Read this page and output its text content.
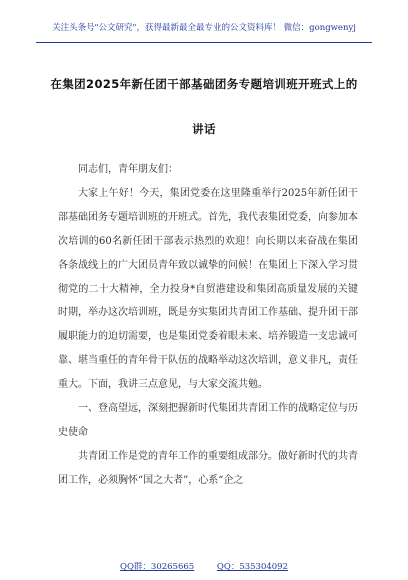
关注头条号"公文研究"，获得最新最全最专业的公文资料库！ 微信：gongwenyj
在集团2025年新任团干部基础团务专题培训班开班式上的
讲话

同志们，青年朋友们：

大家上午好！今天，集团党委在这里隆重举行2025年新任团干部基础团务专题培训班的开班式。首先，我代表集团党委，向参加本次培训的60名新任团干部表示热烈的欢迎！向长期以来奋战在集团各条战线上的广大团员青年致以诚挚的问候！在集团上下深入学习贯彻党的二十大精神，全力投身*自贸港建设和集团高质量发展的关键时期，举办这次培训班，既是夯实集团共青团工作基础、提升团干部履职能力的迫切需要，也是集团党委着眼未来、培养锻造一支忠诚可靠、堪当重任的青年骨干队伍的战略举动这次培训，意义非凡，责任重大。下面，我讲三点意见，与大家交流共勉。

一、登高望远，深刻把握新时代集团共青团工作的战略定位与历史使命

共青团工作是党的青年工作的重要组成部分。做好新时代的共青团工作，必须胸怀“国之大者”，心系“企之

QQ群：30265665	QQ：535304092
